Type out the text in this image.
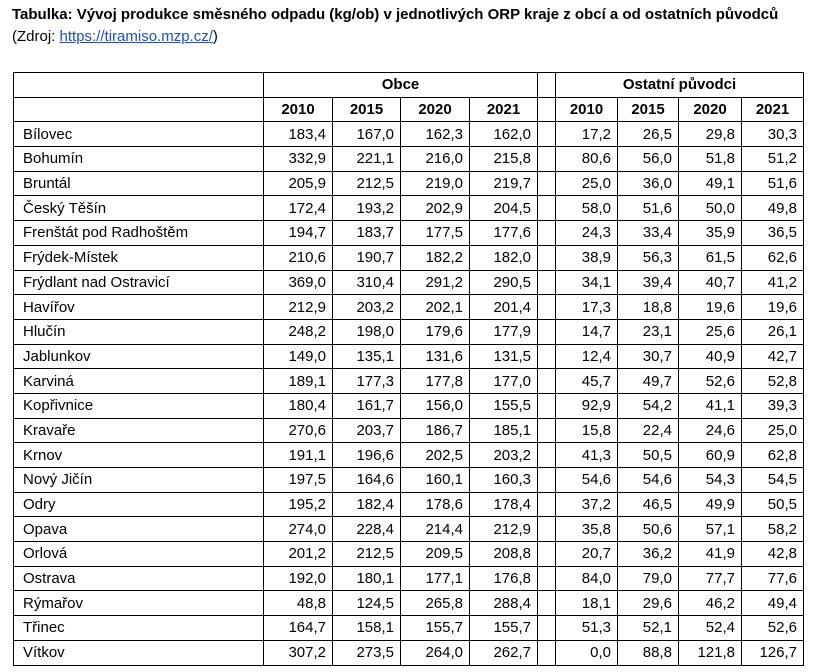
Tabulka: Vývoj produkce směsného odpadu (kg/ob) v jednotlivých ORP kraje z obcí a od ostatních původců (Zdroj: https://tiramiso.mzp.cz/)
	Obce					Ostatní původci			
	2010	2015	2020	2021		2010	2015	2020	2021
Bílovec	183,4	167,0	162,3	162,0		17,2	26,5	29,8	30,3
Bohumín	332,9	221,1	216,0	215,8		80,6	56,0	51,8	51,2
Bruntál	205,9	212,5	219,0	219,7		25,0	36,0	49,1	51,6
Český Těšín	172,4	193,2	202,9	204,5		58,0	51,6	50,0	49,8
Frenštát pod Radhoštěm	194,7	183,7	177,5	177,6		24,3	33,4	35,9	36,5
Frýdek-Místek	210,6	190,7	182,2	182,0		38,9	56,3	61,5	62,6
Frýdlant nad Ostravicí	369,0	310,4	291,2	290,5		34,1	39,4	40,7	41,2
Havířov	212,9	203,2	202,1	201,4		17,3	18,8	19,6	19,6
Hlučín	248,2	198,0	179,6	177,9		14,7	23,1	25,6	26,1
Jablunkov	149,0	135,1	131,6	131,5		12,4	30,7	40,9	42,7
Karviná	189,1	177,3	177,8	177,0		45,7	49,7	52,6	52,8
Kopřivnice	180,4	161,7	156,0	155,5		92,9	54,2	41,1	39,3
Kravaře	270,6	203,7	186,7	185,1		15,8	22,4	24,6	25,0
Krnov	191,1	196,6	202,5	203,2		41,3	50,5	60,9	62,8
Nový Jičín	197,5	164,6	160,1	160,3		54,6	54,6	54,3	54,5
Odry	195,2	182,4	178,6	178,4		37,2	46,5	49,9	50,5
Opava	274,0	228,4	214,4	212,9		35,8	50,6	57,1	58,2
Orlová	201,2	212,5	209,5	208,8		20,7	36,2	41,9	42,8
Ostrava	192,0	180,1	177,1	176,8		84,0	79,0	77,7	77,6
Rýmařov	48,8	124,5	265,8	288,4		18,1	29,6	46,2	49,4
Třinec	164,7	158,1	155,7	155,7		51,3	52,1	52,4	52,6
Vítkov	307,2	273,5	264,0	262,7		0,0	88,8	121,8	126,7
